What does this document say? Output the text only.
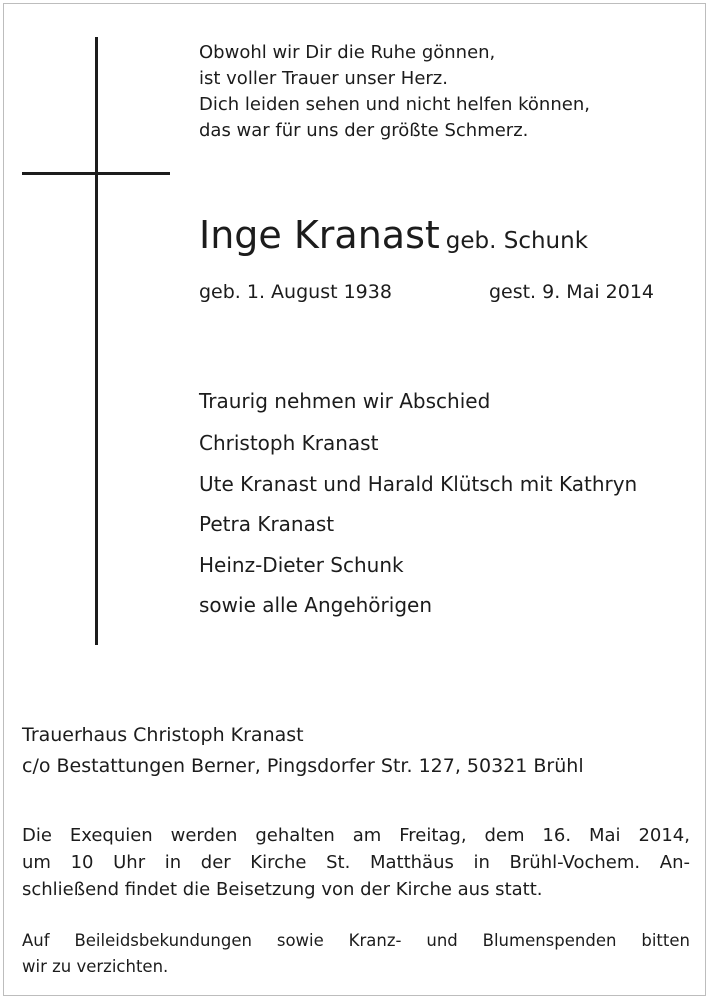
Obwohl wir Dir die Ruhe gönnen,
ist voller Trauer unser Herz.
Dich leiden sehen und nicht helfen können,
das war für uns der größte Schmerz.
Inge Kranast geb. Schunk
geb. 1. August 1938	gest. 9. Mai 2014
Traurig nehmen wir Abschied
Christoph Kranast
Ute Kranast und Harald Klütsch mit Kathryn
Petra Kranast
Heinz-Dieter Schunk
sowie alle Angehörigen
Trauerhaus Christoph Kranast
c/o Bestattungen Berner, Pingsdorfer Str. 127, 50321 Brühl
Die Exequien werden gehalten am Freitag, dem 16. Mai 2014,
um 10 Uhr in der Kirche St. Matthäus in Brühl-Vochem. An-
schließend findet die Beisetzung von der Kirche aus statt.
Auf Beileidsbekundungen sowie Kranz- und Blumenspenden bitten
wir zu verzichten.
